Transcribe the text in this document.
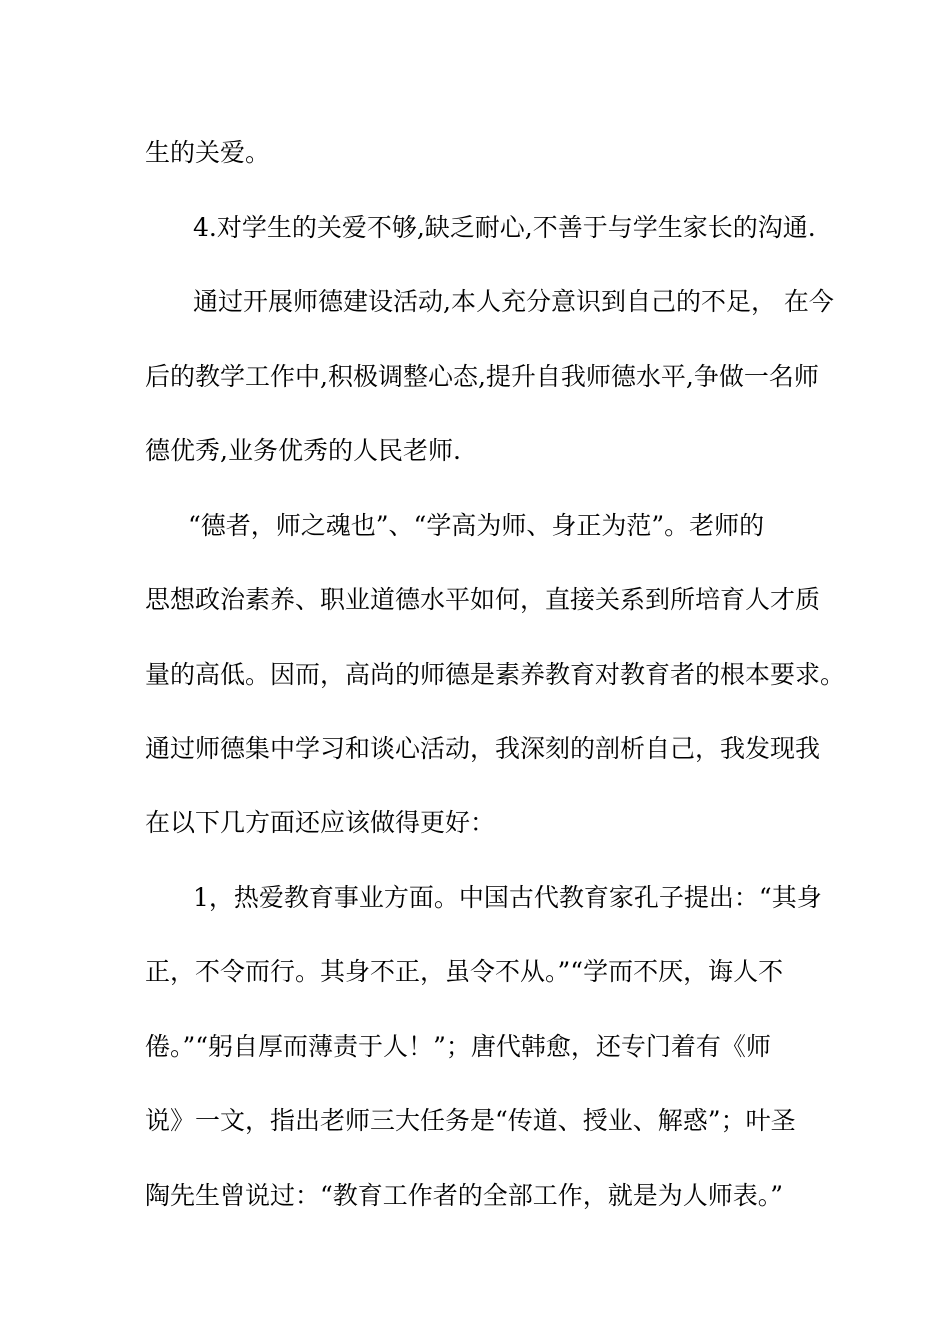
生的关爱。
4.对学生的关爱不够,缺乏耐心,不善于与学生家长的沟通.
通过开展师德建设活动,本人充分意识到自己的不足， 在今
后的教学工作中,积极调整心态,提升自我师德水平,争做一名师
德优秀,业务优秀的人民老师.
“德者，师之魂也”、“学高为师、身正为范”。老师的
思想政治素养、职业道德水平如何，直接关系到所培育人才质
量的高低。因而，高尚的师德是素养教育对教育者的根本要求。
通过师德集中学习和谈心活动，我深刻的剖析自己，我发现我
在以下几方面还应该做得更好：
1，热爱教育事业方面。中国古代教育家孔子提出：“其身
正，不令而行。其身不正，虽令不从。”“学而不厌，诲人不
倦。”“躬自厚而薄责于人！”；唐代韩愈，还专门着有《师
说》一文，指出老师三大任务是“传道、授业、解惑”；叶圣
陶先生曾说过：“教育工作者的全部工作，就是为人师表。”
